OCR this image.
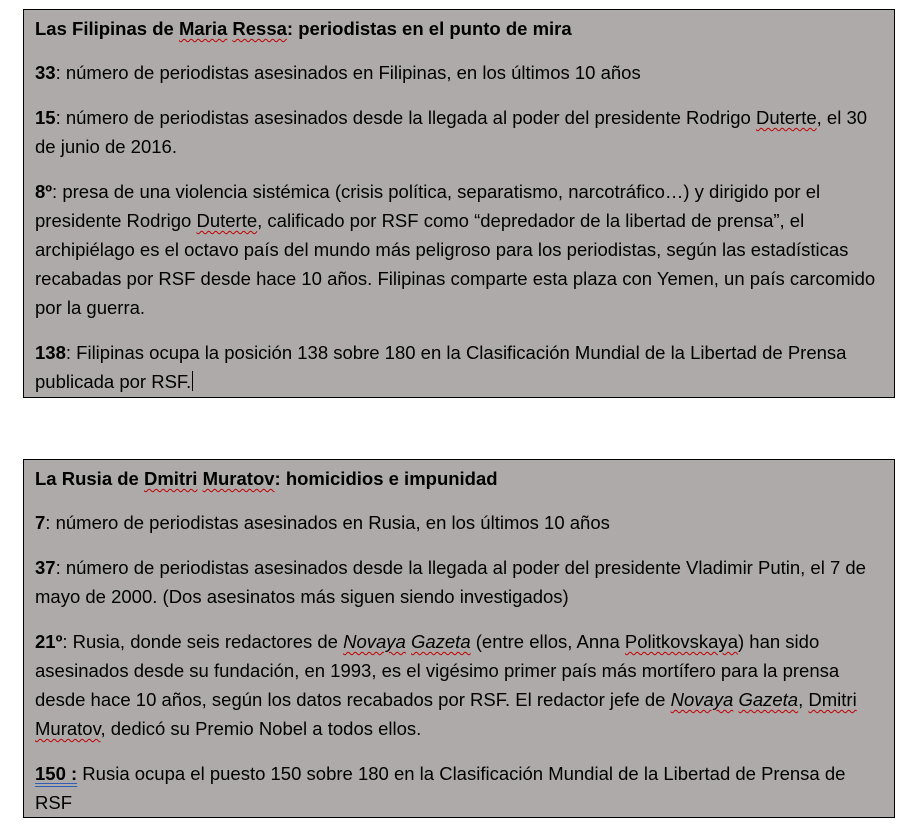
Las Filipinas de Maria Ressa: periodistas en el punto de mira
33: número de periodistas asesinados en Filipinas, en los últimos 10 años
15: número de periodistas asesinados desde la llegada al poder del presidente Rodrigo Duterte, el 30 de junio de 2016.
8º: presa de una violencia sistémica (crisis política, separatismo, narcotráfico…) y dirigido por el presidente Rodrigo Duterte, calificado por RSF como “depredador de la libertad de prensa”, el archipiélago es el octavo país del mundo más peligroso para los periodistas, según las estadísticas recabadas por RSF desde hace 10 años. Filipinas comparte esta plaza con Yemen, un país carcomido por la guerra.
138: Filipinas ocupa la posición 138 sobre 180 en la Clasificación Mundial de la Libertad de Prensa publicada por RSF.
La Rusia de Dmitri Muratov: homicidios e impunidad
7: número de periodistas asesinados en Rusia, en los últimos 10 años
37: número de periodistas asesinados desde la llegada al poder del presidente Vladimir Putin, el 7 de mayo de 2000. (Dos asesinatos más siguen siendo investigados)
21º: Rusia, donde seis redactores de Novaya Gazeta (entre ellos, Anna Politkovskaya) han sido asesinados desde su fundación, en 1993, es el vigésimo primer país más mortífero para la prensa desde hace 10 años, según los datos recabados por RSF. El redactor jefe de Novaya Gazeta, Dmitri Muratov, dedicó su Premio Nobel a todos ellos.
150 : Rusia ocupa el puesto 150 sobre 180 en la Clasificación Mundial de la Libertad de Prensa de RSF
